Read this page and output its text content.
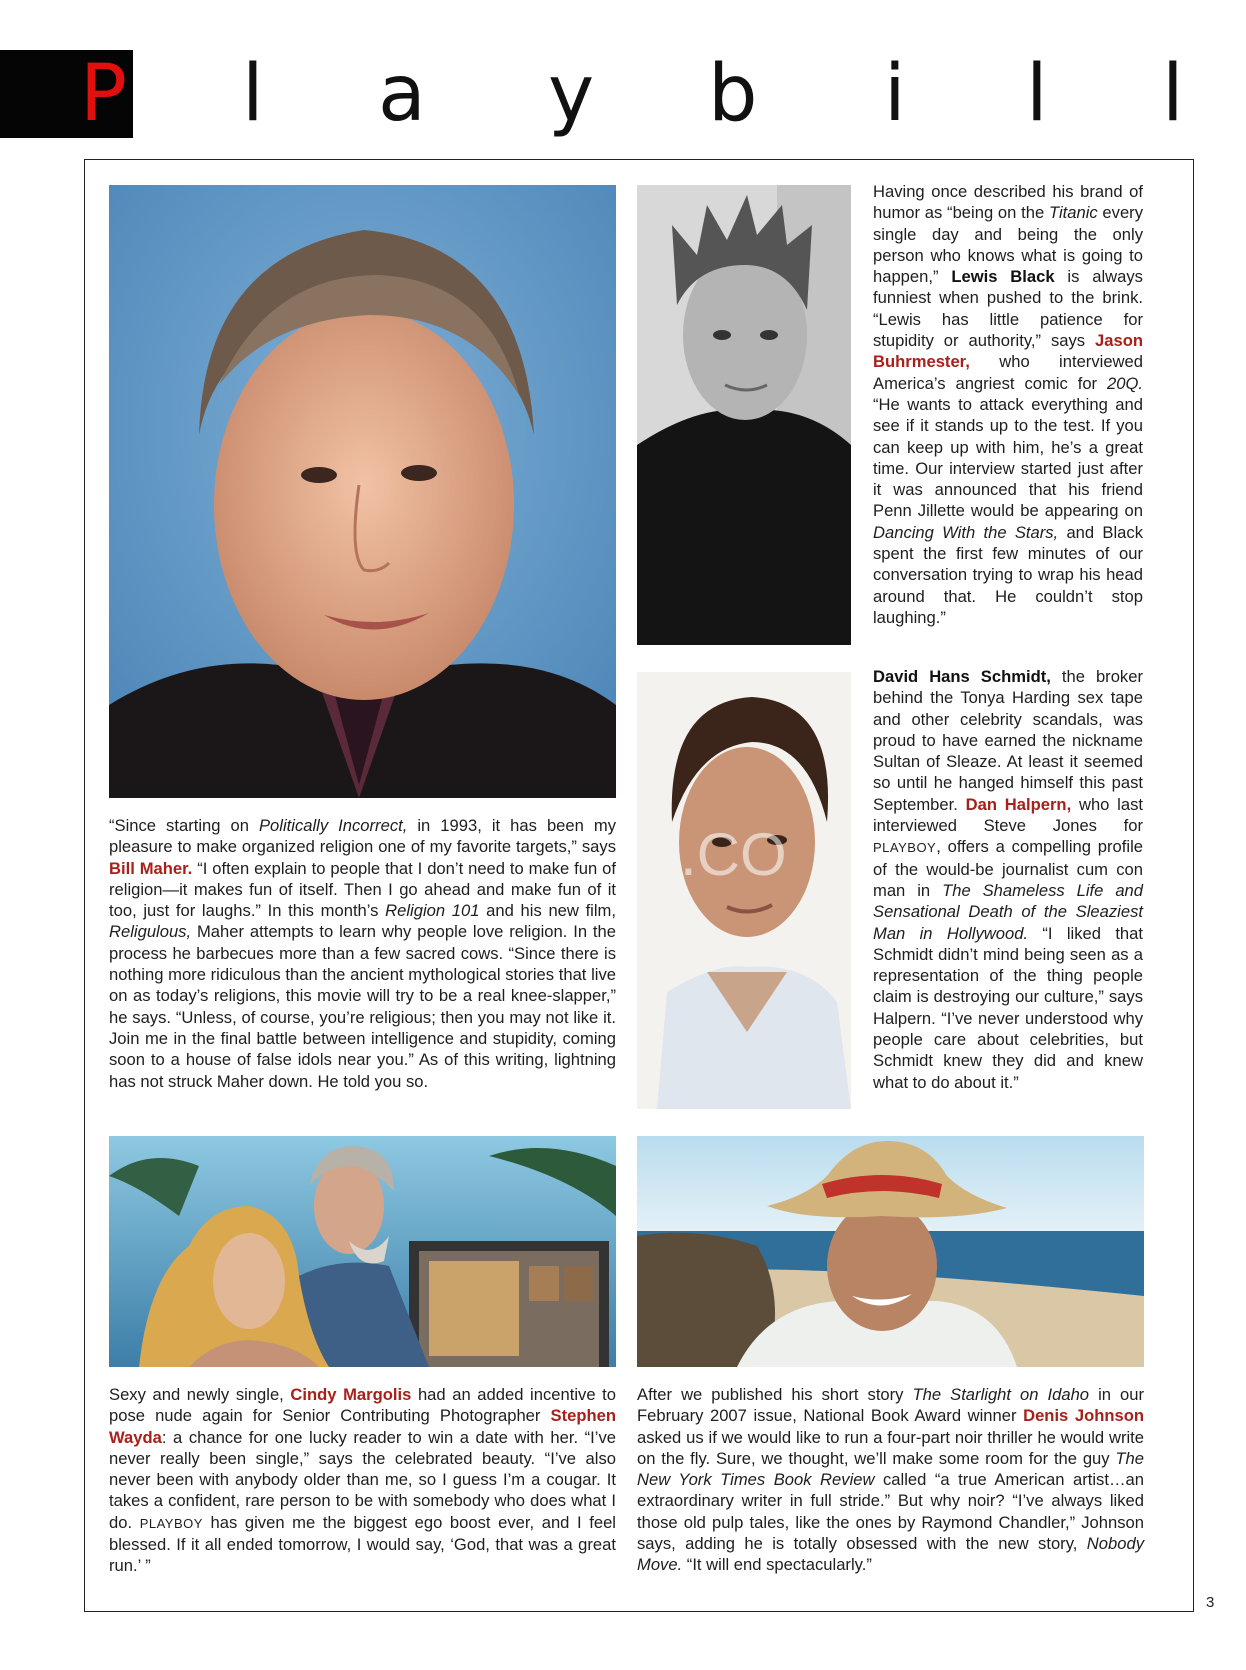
P l a y b i l l
.CO
“Since starting on Politically Incorrect, in 1993, it has been my pleasure to make organized religion one of my favorite targets,” says Bill Maher. “I often explain to people that I don’t need to make fun of religion—it makes fun of itself. Then I go ahead and make fun of it too, just for laughs.” In this month’s Religion 101 and his new film, Religulous, Maher attempts to learn why people love religion. In the process he barbecues more than a few sacred cows. “Since there is nothing more ridiculous than the ancient mythological stories that live on as today’s religions, this movie will try to be a real knee-slapper,” he says. “Unless, of course, you’re religious; then you may not like it. Join me in the final battle between intelligence and stupidity, coming soon to a house of false idols near you.” As of this writing, lightning has not struck Maher down. He told you so.
Having once described his brand of humor as “being on the Titanic every single day and being the only person who knows what is going to happen,” Lewis Black is always funniest when pushed to the brink. “Lewis has little patience for stupidity or authority,” says Jason Buhrmester, who interviewed America’s angriest comic for 20Q. “He wants to attack everything and see if it stands up to the test. If you can keep up with him, he’s a great time. Our interview started just after it was announced that his friend Penn Jillette would be appearing on Dancing With the Stars, and Black spent the first few minutes of our conversation trying to wrap his head around that. He couldn’t stop laughing.”
David Hans Schmidt, the broker behind the Tonya Harding sex tape and other celebrity scandals, was proud to have earned the nickname Sultan of Sleaze. At least it seemed so until he hanged himself this past September. Dan Halpern, who last interviewed Steve Jones for PLAYBOY, offers a compelling profile of the would-be journalist cum con man in The Shameless Life and Sensational Death of the Sleaziest Man in Hollywood. “I liked that Schmidt didn’t mind being seen as a representation of the thing people claim is destroying our culture,” says Halpern. “I’ve never understood why people care about celebrities, but Schmidt knew they did and knew what to do about it.”
Sexy and newly single, Cindy Margolis had an added incentive to pose nude again for Senior Contributing Photographer Stephen Wayda: a chance for one lucky reader to win a date with her. “I’ve never really been single,” says the celebrated beauty. “I’ve also never been with anybody older than me, so I guess I’m a cougar. It takes a confident, rare person to be with somebody who does what I do. PLAYBOY has given me the biggest ego boost ever, and I feel blessed. If it all ended tomorrow, I would say, ‘God, that was a great run.’ ”
After we published his short story The Starlight on Idaho in our February 2007 issue, National Book Award winner Denis Johnson asked us if we would like to run a four-part noir thriller he would write on the fly. Sure, we thought, we’ll make some room for the guy The New York Times Book Review called “a true American artist…an extraordinary writer in full stride.” But why noir? “I’ve always liked those old pulp tales, like the ones by Raymond Chandler,” Johnson says, adding he is totally obsessed with the new story, Nobody Move. “It will end spectacularly.”
3
